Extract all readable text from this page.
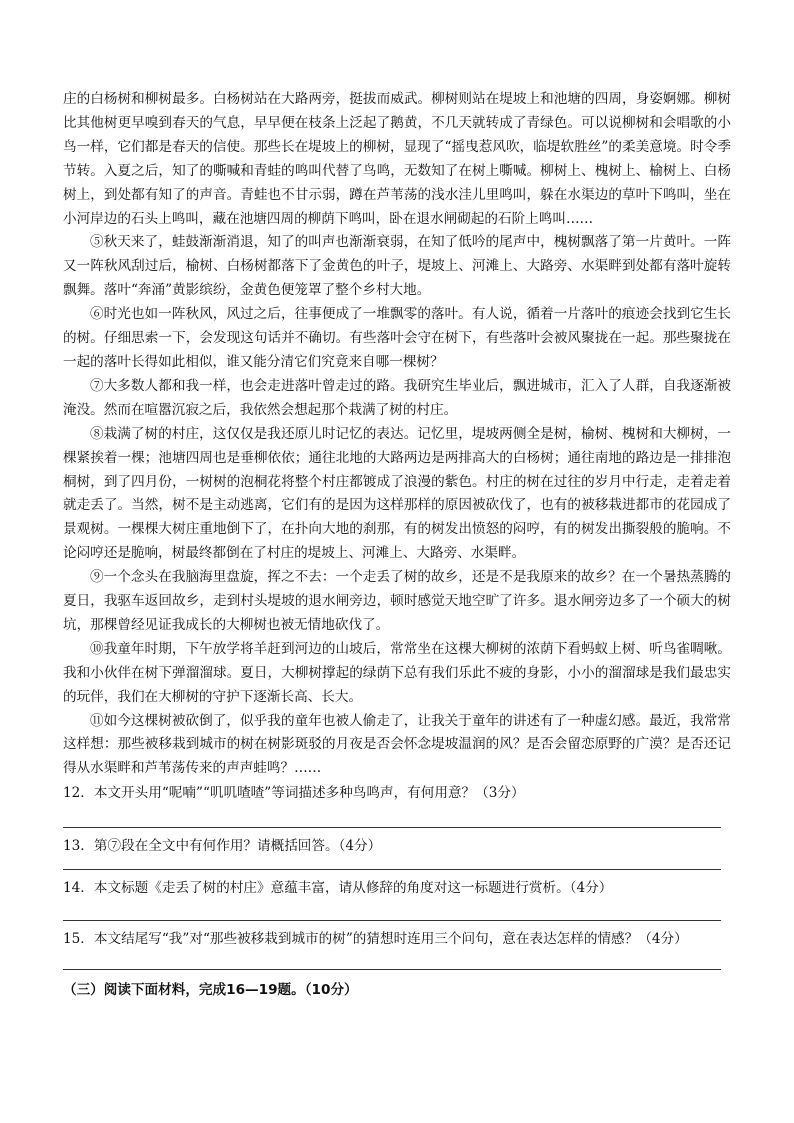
庄的白杨树和柳树最多。白杨树站在大路两旁，挺拔而威武。柳树则站在堤坡上和池塘的四周，身姿婀娜。柳树比其他树更早嗅到春天的气息，早早便在枝条上泛起了鹅黄，不几天就转成了青绿色。可以说柳树和会唱歌的小鸟一样，它们都是春天的信使。那些长在堤坡上的柳树，显现了“摇曳惹风吹，临堤软胜丝”的柔美意境。时令季节转。入夏之后，知了的嘶喊和青蛙的鸣叫代替了鸟鸣，无数知了在树上嘶喊。柳树上、槐树上、榆树上、白杨树上，到处都有知了的声音。青蛙也不甘示弱，蹲在芦苇荡的浅水洼儿里鸣叫，躲在水渠边的草叶下鸣叫，坐在小河岸边的石头上鸣叫，藏在池塘四周的柳荫下鸣叫，卧在退水闸砌起的石阶上鸣叫……

⑤秋天来了，蛙鼓渐渐消退，知了的叫声也渐渐衰弱，在知了低吟的尾声中，槐树飘落了第一片黄叶。一阵又一阵秋风刮过后，榆树、白杨树都落下了金黄色的叶子，堤坡上、河滩上、大路旁、水渠畔到处都有落叶旋转飘舞。落叶“奔涌”黄影缤纷，金黄色便笼罩了整个乡村大地。

⑥时光也如一阵秋风，风过之后，往事便成了一堆飘零的落叶。有人说，循着一片落叶的痕迹会找到它生长的树。仔细思索一下，会发现这句话并不确切。有些落叶会守在树下，有些落叶会被风聚拢在一起。那些聚拢在一起的落叶长得如此相似，谁又能分清它们究竟来自哪一棵树？

⑦大多数人都和我一样，也会走进落叶曾走过的路。我研究生毕业后，飘进城市，汇入了人群，自我逐渐被淹没。然而在喧嚣沉寂之后，我依然会想起那个栽满了树的村庄。

⑧栽满了树的村庄，这仅仅是我还原儿时记忆的表达。记忆里，堤坡两侧全是树，榆树、槐树和大柳树，一棵紧挨着一棵；池塘四周也是垂柳依依；通往北地的大路两边是两排高大的白杨树；通往南地的路边是一排排泡桐树，到了四月份，一树树的泡桐花将整个村庄都镀成了浪漫的紫色。村庄的树在过往的岁月中行走，走着走着就走丢了。当然，树不是主动逃离，它们有的是因为这样那样的原因被砍伐了，也有的被移栽进都市的花园成了景观树。一棵棵大树庄重地倒下了，在扑向大地的刹那，有的树发出愤怒的闷哼，有的树发出撕裂般的脆响。不论闷哼还是脆响，树最终都倒在了村庄的堤坡上、河滩上、大路旁、水渠畔。

⑨一个念头在我脑海里盘旋，挥之不去：一个走丢了树的故乡，还是不是我原来的故乡？在一个暑热蒸腾的夏日，我驱车返回故乡，走到村头堤坡的退水闸旁边，顿时感觉天地空旷了许多。退水闸旁边多了一个硕大的树坑，那棵曾经见证我成长的大柳树也被无情地砍伐了。

⑩我童年时期，下午放学将羊赶到河边的山坡后，常常坐在这棵大柳树的浓荫下看蚂蚁上树、听鸟雀啁啾。我和小伙伴在树下弹溜溜球。夏日，大柳树撑起的绿荫下总有我们乐此不疲的身影，小小的溜溜球是我们最忠实的玩伴，我们在大柳树的守护下逐渐长高、长大。

⑪如今这棵树被砍倒了，似乎我的童年也被人偷走了，让我关于童年的讲述有了一种虚幻感。最近，我常常这样想：那些被移栽到城市的树在树影斑驳的月夜是否会怀念堤坡温润的风？是否会留恋原野的广漠？是否还记得从水渠畔和芦苇荡传来的声声蛙鸣？……

12．本文开头用“呢喃”“叽叽喳喳”等词描述多种鸟鸣声，有何用意？（3分）

13．第⑦段在全文中有何作用？请概括回答。（4分）

14．本文标题《走丢了树的村庄》意蕴丰富，请从修辞的角度对这一标题进行赏析。（4分）

15．本文结尾写“我”对“那些被移栽到城市的树”的猜想时连用三个问句，意在表达怎样的情感？（4分）

（三）阅读下面材料，完成16—19题。（10分）
